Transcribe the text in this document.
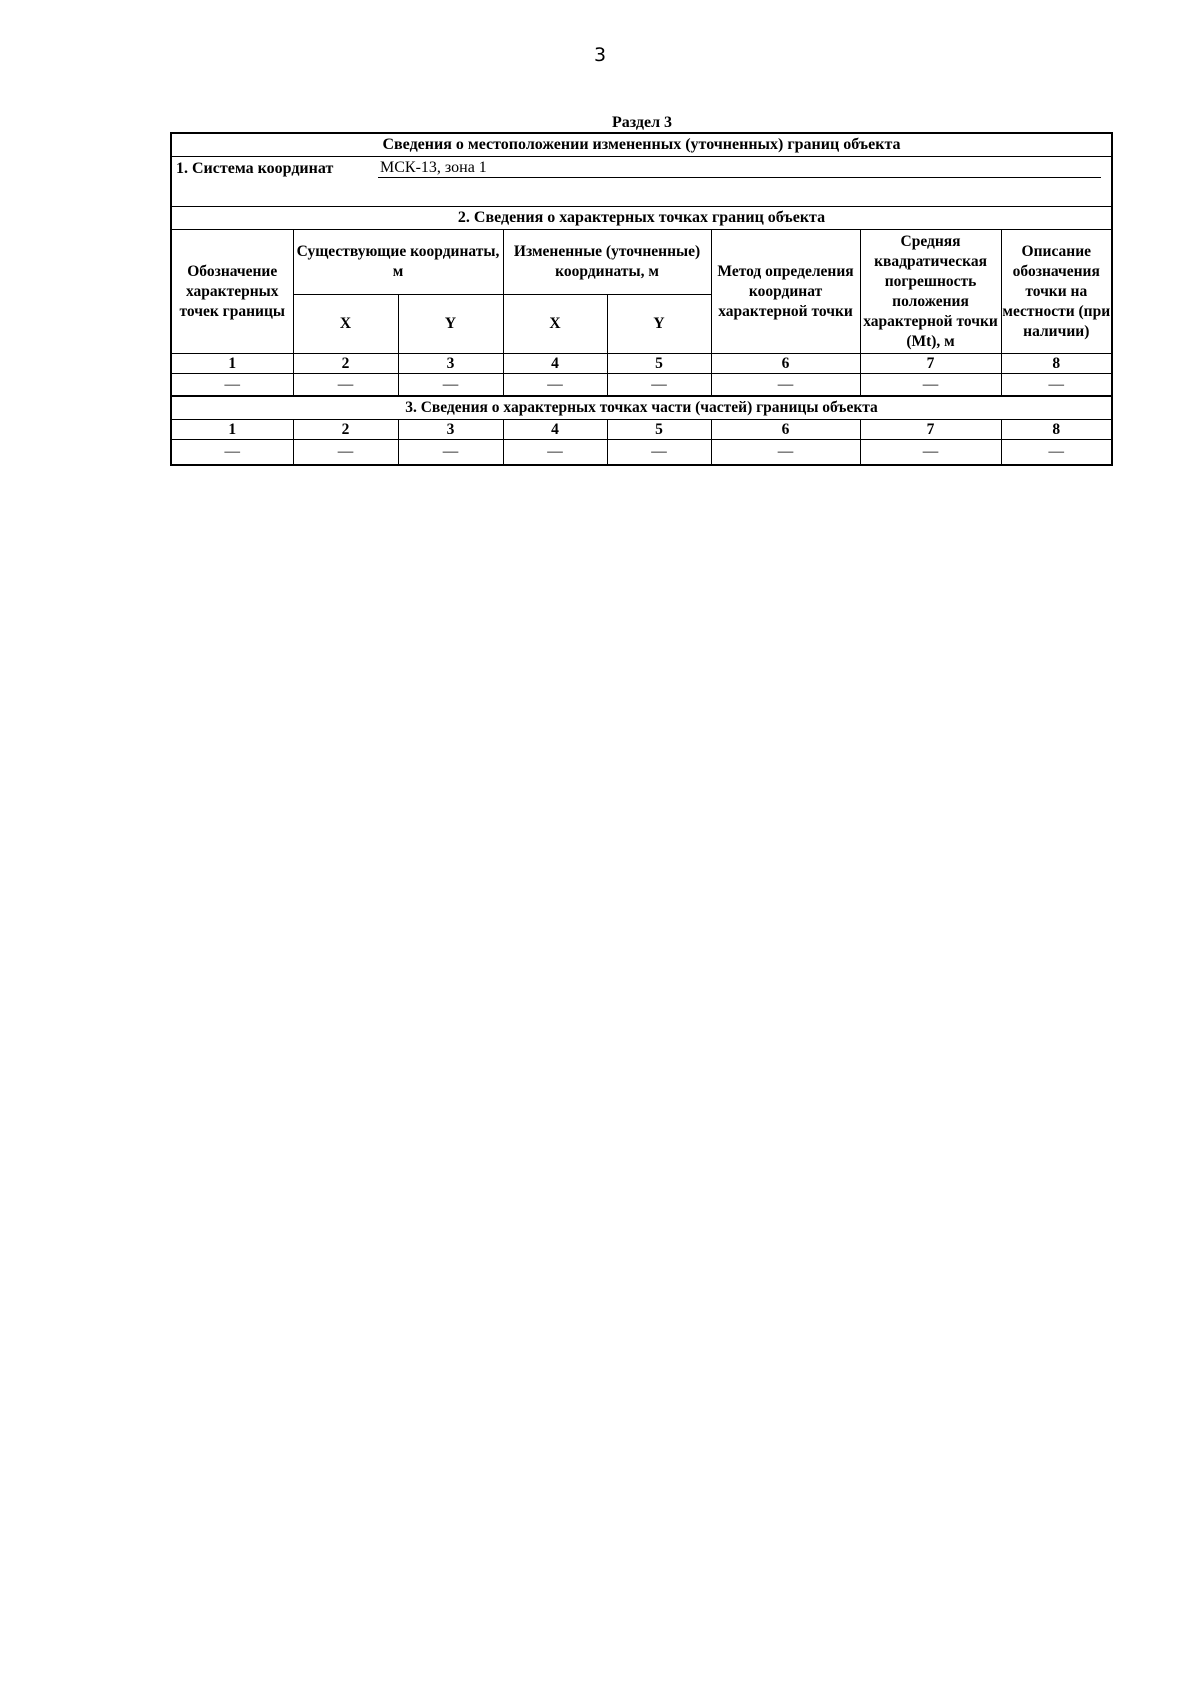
3
Раздел 3
Сведения о местоположении измененных (уточненных) границ объекта
1. Система координат	МСК-13, зона 1
2. Сведения о характерных точках границ объекта
Обозначение характерных точек границы	Существующие координаты, м		Измененные (уточненные) координаты, м		Метод определения координат характерной точки	Средняя квадратическая погрешность положения характерной точки (Mt), м	Описание обозначения точки на местности (при наличии)
	X	Y	X	Y			
1	2	3	4	5	6	7	8
—	—	—	—	—	—	—	—
3. Сведения о характерных точках части (частей) границы объекта
1	2	3	4	5	6	7	8
—	—	—	—	—	—	—	—
